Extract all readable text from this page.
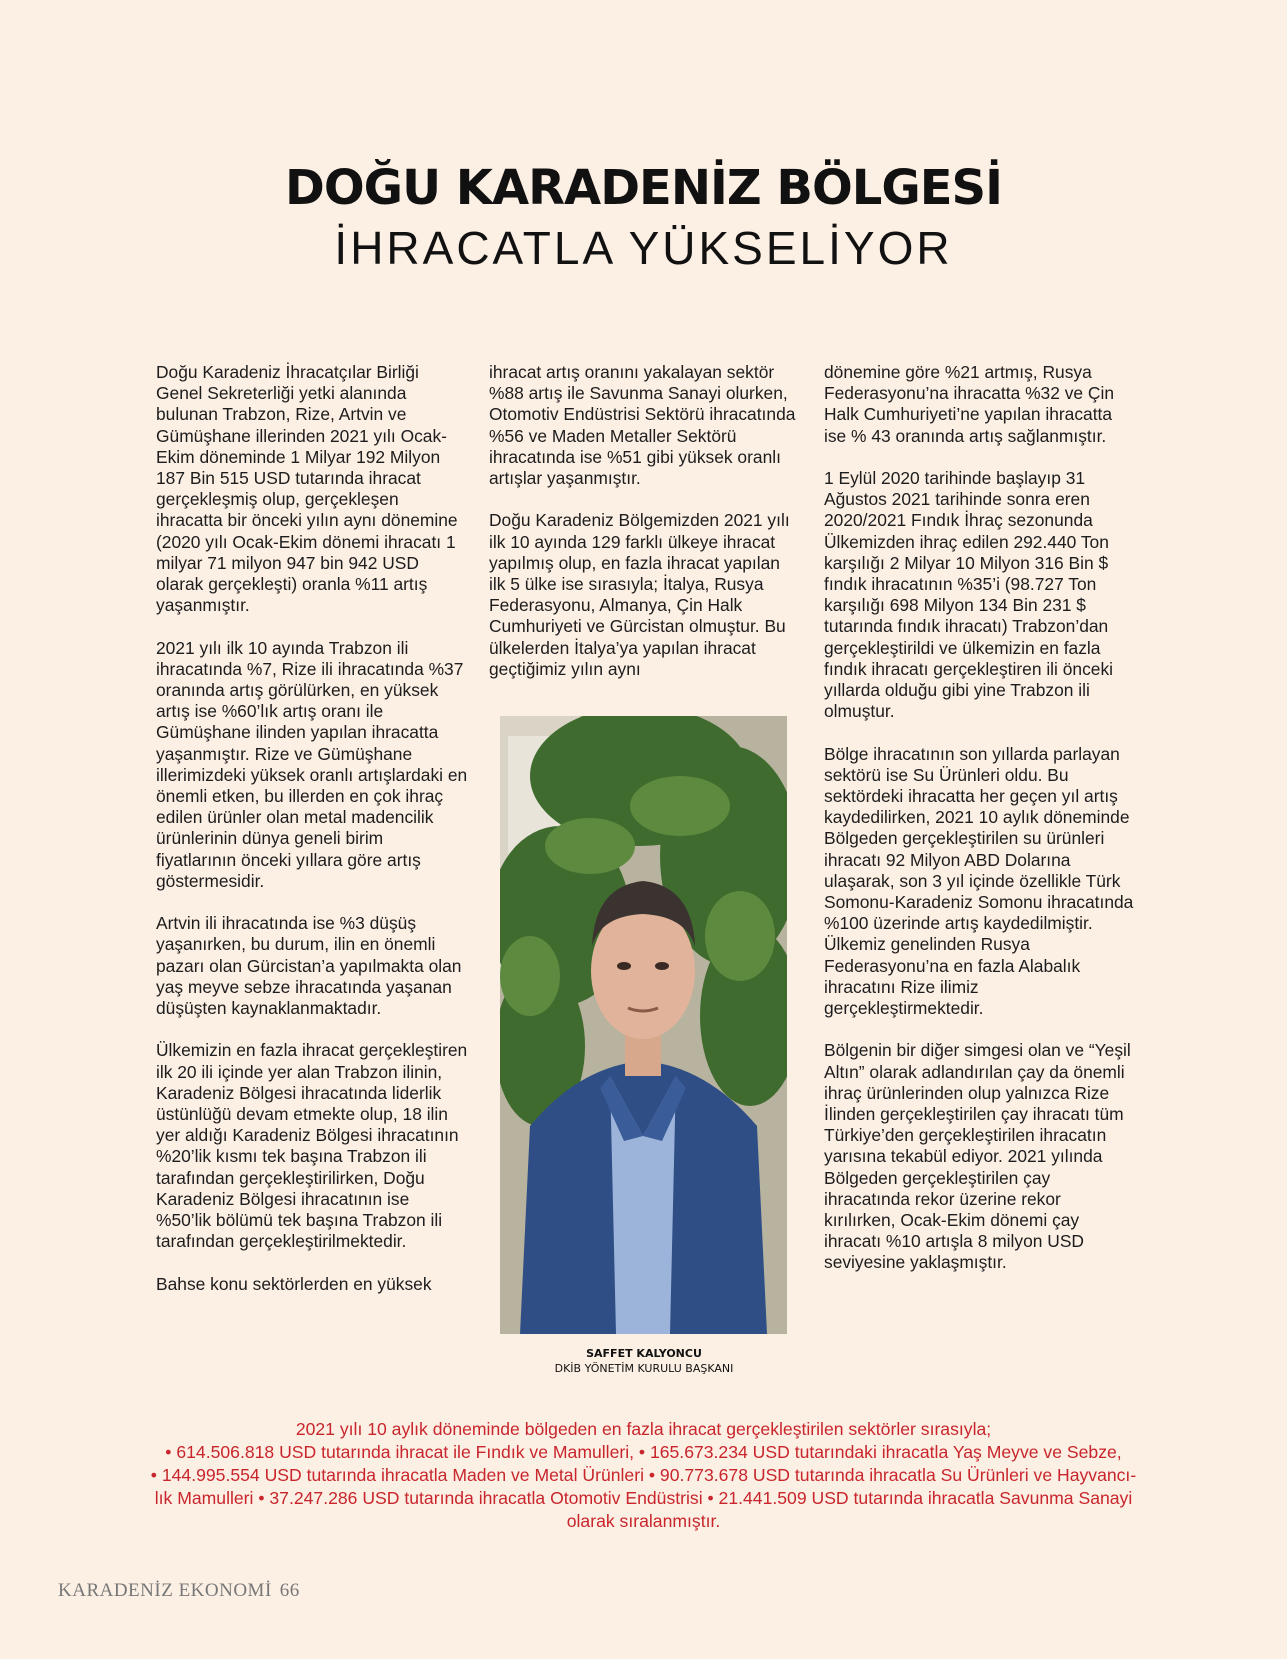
DOĞU KARADENİZ BÖLGESİ
İHRACATLA YÜKSELİYOR

Doğu Karadeniz İhracatçılar Birliği Genel Sekreterliği yetki alanında bulunan Trabzon, Rize, Artvin ve Gümüşhane illerinden 2021 yılı Ocak-Ekim döneminde 1 Milyar 192 Milyon 187 Bin 515 USD tutarında ihracat gerçekleşmiş olup, gerçekleşen ihracatta bir önceki yılın aynı dönemine (2020 yılı Ocak-Ekim dönemi ihracatı 1 milyar 71 milyon 947 bin 942 USD olarak gerçekleşti) oranla %11 artış yaşanmıştır.

2021 yılı ilk 10 ayında Trabzon ili ihracatında %7, Rize ili ihracatında %37 oranında artış görülürken, en yüksek artış ise %60’lık artış oranı ile Gümüşhane ilinden yapılan ihracatta yaşanmıştır. Rize ve Gümüşhane illerimizdeki yüksek oranlı artışlardaki en önemli etken, bu illerden en çok ihraç edilen ürünler olan metal madencilik ürünlerinin dünya geneli birim fiyatlarının önceki yıllara göre artış göstermesidir.

Artvin ili ihracatında ise %3 düşüş yaşanırken, bu durum, ilin en önemli pazarı olan Gürcistan’a yapılmakta olan yaş meyve sebze ihracatında yaşanan düşüşten kaynaklanmaktadır.

Ülkemizin en fazla ihracat gerçekleştiren ilk 20 ili içinde yer alan Trabzon ilinin, Karadeniz Bölgesi ihracatında liderlik üstünlüğü devam etmekte olup, 18 ilin yer aldığı Karadeniz Bölgesi ihracatının %20’lik kısmı tek başına Trabzon ili tarafından gerçekleştirilirken, Doğu Karadeniz Bölgesi ihracatının ise %50’lik bölümü tek başına Trabzon ili tarafından gerçekleştirilmektedir.

Bahse konu sektörlerden en yüksek

ihracat artış oranını yakalayan sektör %88 artış ile Savunma Sanayi olurken, Otomotiv Endüstrisi Sektörü ihracatında %56 ve Maden Metaller Sektörü ihracatında ise %51 gibi yüksek oranlı artışlar yaşanmıştır.

Doğu Karadeniz Bölgemizden 2021 yılı ilk 10 ayında 129 farklı ülkeye ihracat yapılmış olup, en fazla ihracat yapılan ilk 5 ülke ise sırasıyla; İtalya, Rusya Federasyonu, Almanya, Çin Halk Cumhuriyeti ve Gürcistan olmuştur. Bu ülkelerden İtalya’ya yapılan ihracat geçtiğimiz yılın aynı

SAFFET KALYONCU
DKİB YÖNETİM KURULU BAŞKANI

dönemine göre %21 artmış, Rusya Federasyonu’na ihracatta %32 ve Çin Halk Cumhuriyeti’ne yapılan ihracatta ise % 43 oranında artış sağlanmıştır.

1 Eylül 2020 tarihinde başlayıp 31 Ağustos 2021 tarihinde sonra eren 2020/2021 Fındık İhraç sezonunda Ülkemizden ihraç edilen 292.440 Ton karşılığı 2 Milyar 10 Milyon 316 Bin $ fındık ihracatının %35’i (98.727 Ton karşılığı 698 Milyon 134 Bin 231 $ tutarında fındık ihracatı) Trabzon’dan gerçekleştirildi ve ülkemizin en fazla fındık ihracatı gerçekleştiren ili önceki yıllarda olduğu gibi yine Trabzon ili olmuştur.

Bölge ihracatının son yıllarda parlayan sektörü ise Su Ürünleri oldu. Bu sektördeki ihracatta her geçen yıl artış kaydedilirken, 2021 10 aylık döneminde Bölgeden gerçekleştirilen su ürünleri ihracatı 92 Milyon ABD Dolarına ulaşarak, son 3 yıl içinde özellikle Türk Somonu-Karadeniz Somonu ihracatında %100 üzerinde artış kaydedilmiştir. Ülkemiz genelinden Rusya Federasyonu’na en fazla Alabalık ihracatını Rize ilimiz gerçekleştirmektedir.

Bölgenin bir diğer simgesi olan ve “Yeşil Altın” olarak adlandırılan çay da önemli ihraç ürünlerinden olup yalnızca Rize İlinden gerçekleştirilen çay ihracatı tüm Türkiye’den gerçekleştirilen ihracatın yarısına tekabül ediyor. 2021 yılında Bölgeden gerçekleştirilen çay ihracatında rekor üzerine rekor kırılırken, Ocak-Ekim dönemi çay ihracatı %10 artışla 8 milyon USD seviyesine yaklaşmıştır.

2021 yılı 10 aylık döneminde bölgeden en fazla ihracat gerçekleştirilen sektörler sırasıyla;

• 614.506.818 USD tutarında ihracat ile Fındık ve Mamulleri, • 165.673.234 USD tutarındaki ihracatla Yaş Meyve ve Sebze,

• 144.995.554 USD tutarında ihracatla Maden ve Metal Ürünleri • 90.773.678 USD tutarında ihracatla Su Ürünleri ve Hayvancı-

lık Mamulleri • 37.247.286 USD tutarında ihracatla Otomotiv Endüstrisi • 21.441.509 USD tutarında ihracatla Savunma Sanayi

olarak sıralanmıştır.

KARADENİZ EKONOMİ 66
